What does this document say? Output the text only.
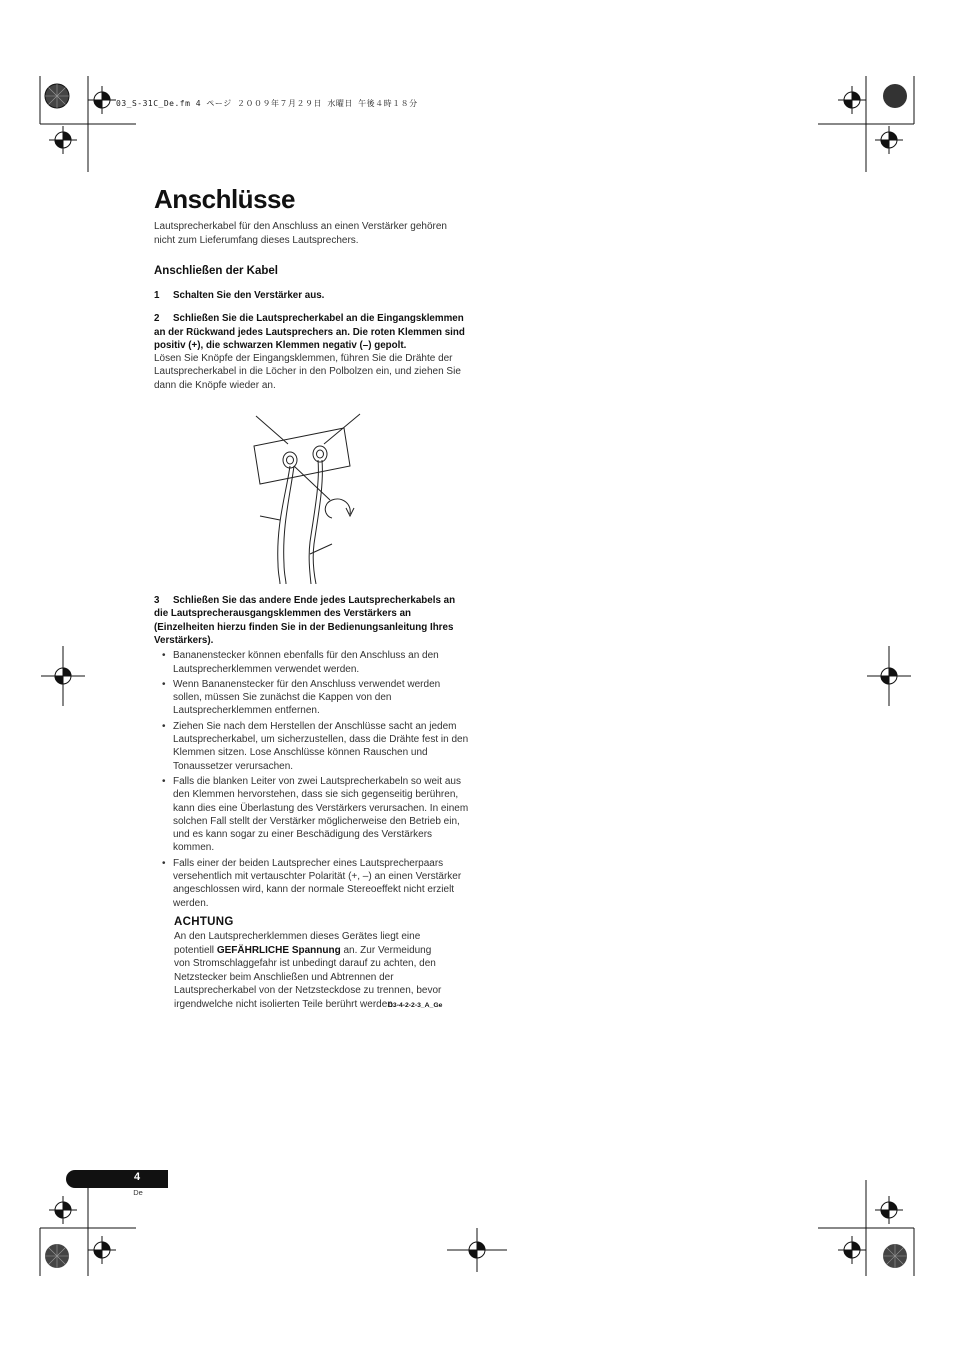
03_S-31C_De.fm 4 ページ ２００９年７月２９日 水曜日 午後４時１８分
Anschlüsse

Lautsprecherkabel für den Anschluss an einen Verstärker gehören nicht zum Lieferumfang dieses Lautsprechers.

Anschließen der Kabel

1 Schalten Sie den Verstärker aus.

2 Schließen Sie die Lautsprecherkabel an die Eingangsklemmen an der Rückwand jedes Lautsprechers an. Die roten Klemmen sind positiv (+), die schwarzen Klemmen negativ (–) gepolt.

Lösen Sie Knöpfe der Eingangsklemmen, führen Sie die Drähte der Lautsprecherkabel in die Löcher in den Polbolzen ein, und ziehen Sie dann die Knöpfe wieder an.

3 Schließen Sie das andere Ende jedes Lautsprecherkabels an die Lautsprecherausgangsklemmen des Verstärkers an (Einzelheiten hierzu finden Sie in der Bedienungsanleitung Ihres Verstärkers).

• Bananenstecker können ebenfalls für den Anschluss an den Lautsprecherklemmen verwendet werden.
• Wenn Bananenstecker für den Anschluss verwendet werden sollen, müssen Sie zunächst die Kappen von den Lautsprecherklemmen entfernen.
• Ziehen Sie nach dem Herstellen der Anschlüsse sacht an jedem Lautsprecherkabel, um sicherzustellen, dass die Drähte fest in den Klemmen sitzen. Lose Anschlüsse können Rauschen und Tonaussetzer verursachen.
• Falls die blanken Leiter von zwei Lautsprecherkabeln so weit aus den Klemmen hervorstehen, dass sie sich gegenseitig berühren, kann dies eine Überlastung des Verstärkers verursachen. In einem solchen Fall stellt der Verstärker möglicherweise den Betrieb ein, und es kann sogar zu einer Beschädigung des Verstärkers kommen.
• Falls einer der beiden Lautsprecher eines Lautsprecherpaars versehentlich mit vertauschter Polarität (+, –) an einen Verstärker angeschlossen wird, kann der normale Stereoeffekt nicht erzielt werden.
ACHTUNG

An den Lautsprecherklemmen dieses Gerätes liegt eine potentiell GEFÄHRLICHE Spannung an. Zur Vermeidung von Stromschlaggefahr ist unbedingt darauf zu achten, den Netzstecker beim Anschließen und Abtrennen der Lautsprecherkabel von der Netzsteckdose zu trennen, bevor irgendwelche nicht isolierten Teile berührt werden.

D3-4-2-2-3_A_Ge
4
De
